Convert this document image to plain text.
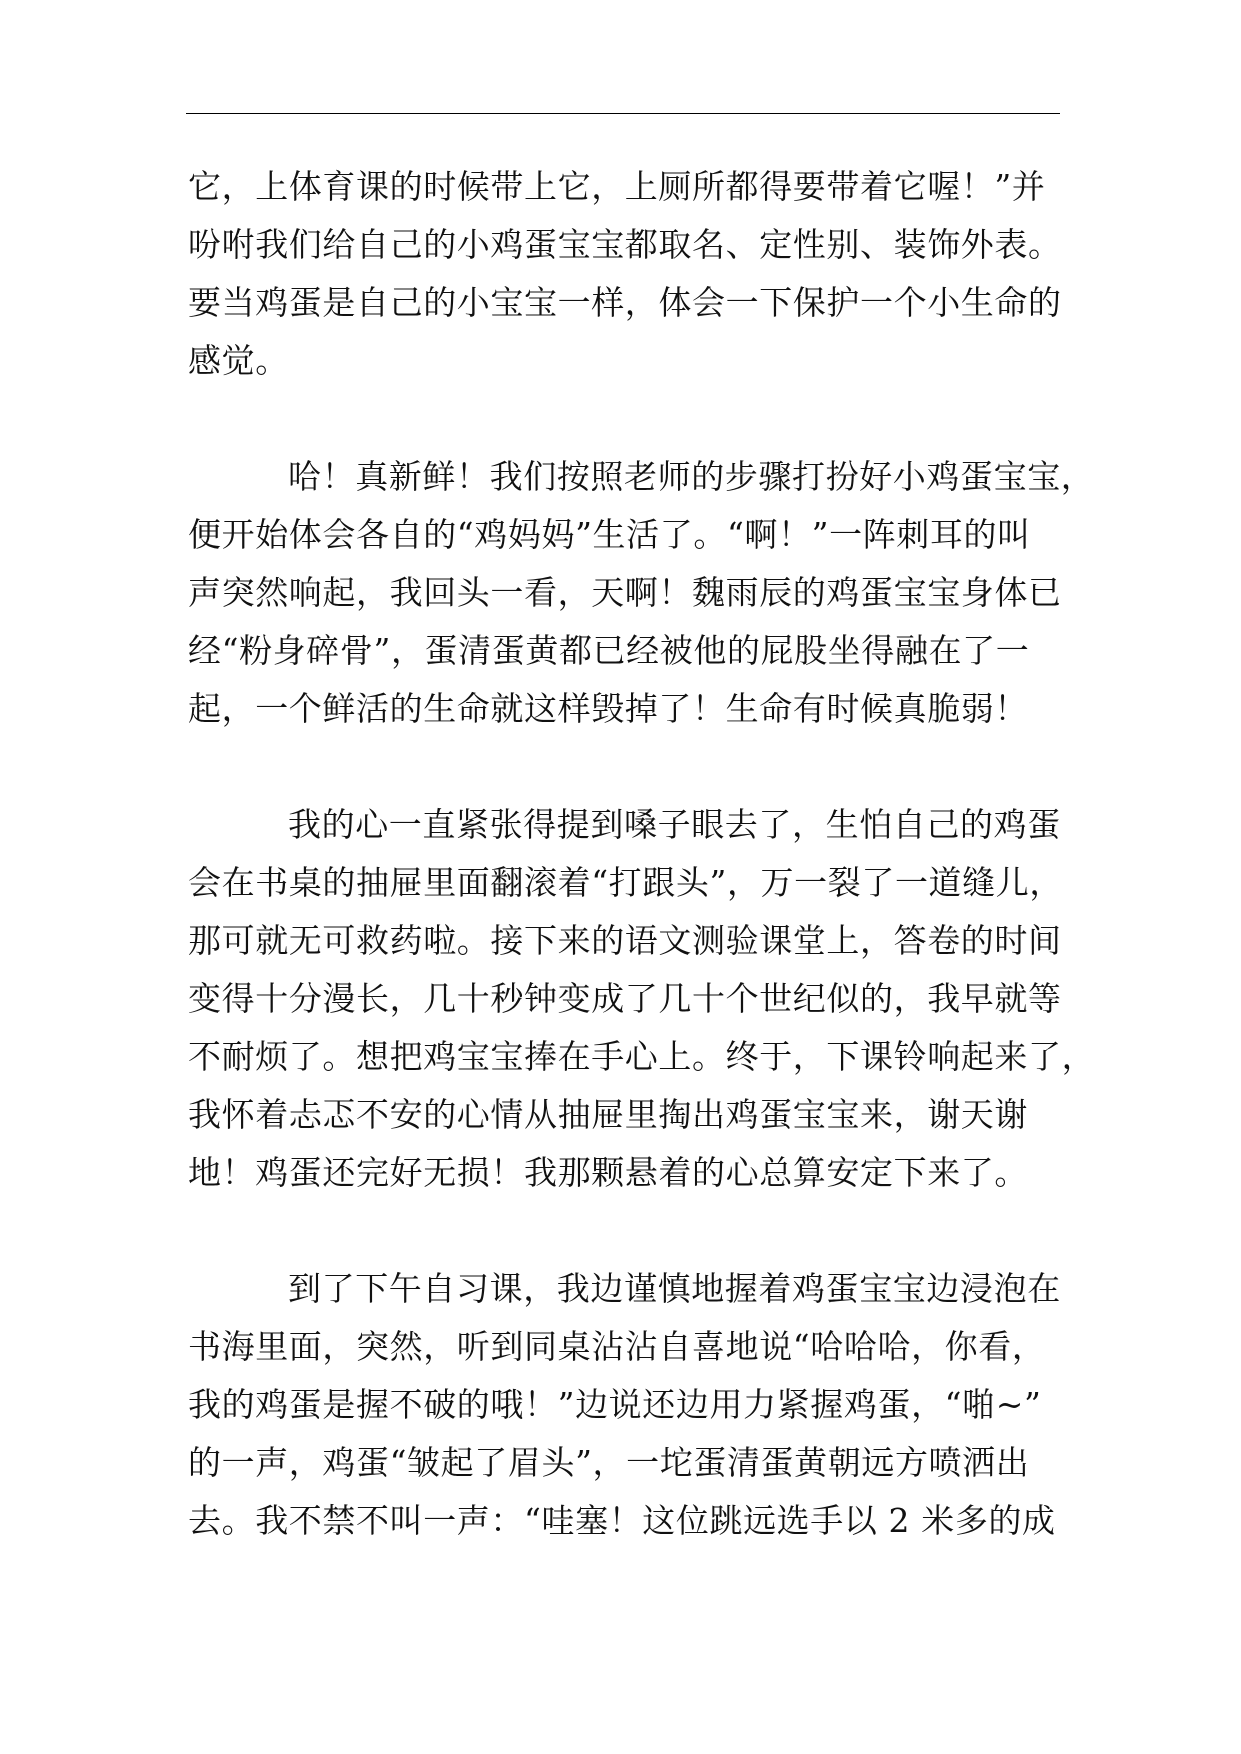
它，上体育课的时候带上它，上厕所都得要带着它喔！”并
吩咐我们给自己的小鸡蛋宝宝都取名、定性别、装饰外表。
要当鸡蛋是自己的小宝宝一样，体会一下保护一个小生命的
感觉。
哈！真新鲜！我们按照老师的步骤打扮好小鸡蛋宝宝，
便开始体会各自的“鸡妈妈”生活了。“啊！”一阵刺耳的叫
声突然响起，我回头一看，天啊！魏雨辰的鸡蛋宝宝身体已
经“粉身碎骨”，蛋清蛋黄都已经被他的屁股坐得融在了一
起，一个鲜活的生命就这样毁掉了！生命有时候真脆弱！
我的心一直紧张得提到嗓子眼去了，生怕自己的鸡蛋
会在书桌的抽屉里面翻滚着“打跟头”，万一裂了一道缝儿，
那可就无可救药啦。接下来的语文测验课堂上，答卷的时间
变得十分漫长，几十秒钟变成了几十个世纪似的，我早就等
不耐烦了。想把鸡宝宝捧在手心上。终于，下课铃响起来了，
我怀着忐忑不安的心情从抽屉里掏出鸡蛋宝宝来，谢天谢
地！鸡蛋还完好无损！我那颗悬着的心总算安定下来了。
到了下午自习课，我边谨慎地握着鸡蛋宝宝边浸泡在
书海里面，突然，听到同桌沾沾自喜地说“哈哈哈，你看，
我的鸡蛋是握不破的哦！”边说还边用力紧握鸡蛋，“啪~”
的一声，鸡蛋“皱起了眉头”，一坨蛋清蛋黄朝远方喷洒出
去。我不禁不叫一声：“哇塞！这位跳远选手以 2 米多的成
